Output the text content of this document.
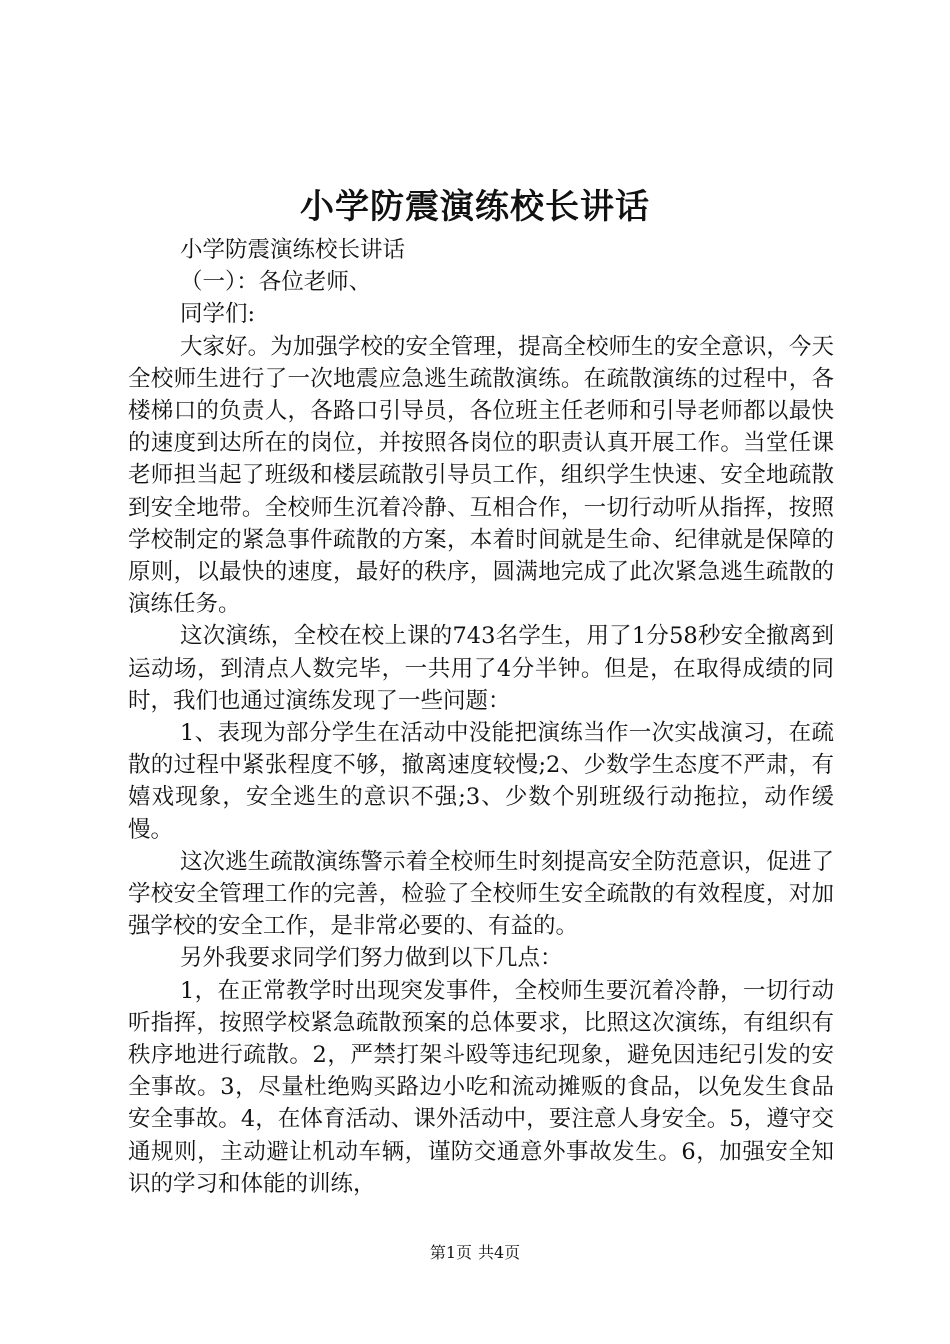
小学防震演练校长讲话

小学防震演练校长讲话

（一）：各位老师、

同学们:

大家好。为加强学校的安全管理，提高全校师生的安全意识，今天全校师生进行了一次地震应急逃生疏散演练。在疏散演练的过程中，各楼梯口的负责人，各路口引导员，各位班主任老师和引导老师都以最快的速度到达所在的岗位，并按照各岗位的职责认真开展工作。当堂任课老师担当起了班级和楼层疏散引导员工作，组织学生快速、安全地疏散到安全地带。全校师生沉着冷静、互相合作，一切行动听从指挥，按照学校制定的紧急事件疏散的方案，本着时间就是生命、纪律就是保障的原则，以最快的速度，最好的秩序，圆满地完成了此次紧急逃生疏散的演练任务。

这次演练，全校在校上课的743名学生，用了1分58秒安全撤离到运动场，到清点人数完毕，一共用了4分半钟。但是，在取得成绩的同时，我们也通过演练发现了一些问题：

1、表现为部分学生在活动中没能把演练当作一次实战演习，在疏散的过程中紧张程度不够，撤离速度较慢;2、少数学生态度不严肃，有嬉戏现象，安全逃生的意识不强;3、少数个别班级行动拖拉，动作缓慢。

这次逃生疏散演练警示着全校师生时刻提高安全防范意识，促进了学校安全管理工作的完善，检验了全校师生安全疏散的有效程度，对加强学校的安全工作，是非常必要的、有益的。

另外我要求同学们努力做到以下几点：

1，在正常教学时出现突发事件，全校师生要沉着冷静，一切行动听指挥，按照学校紧急疏散预案的总体要求，比照这次演练，有组织有秩序地进行疏散。2，严禁打架斗殴等违纪现象，避免因违纪引发的安全事故。3，尽量杜绝购买路边小吃和流动摊贩的食品，以免发生食品安全事故。4，在体育活动、课外活动中，要注意人身安全。5，遵守交通规则，主动避让机动车辆，谨防交通意外事故发生。6，加强安全知识的学习和体能的训练，

第1页 共4页
